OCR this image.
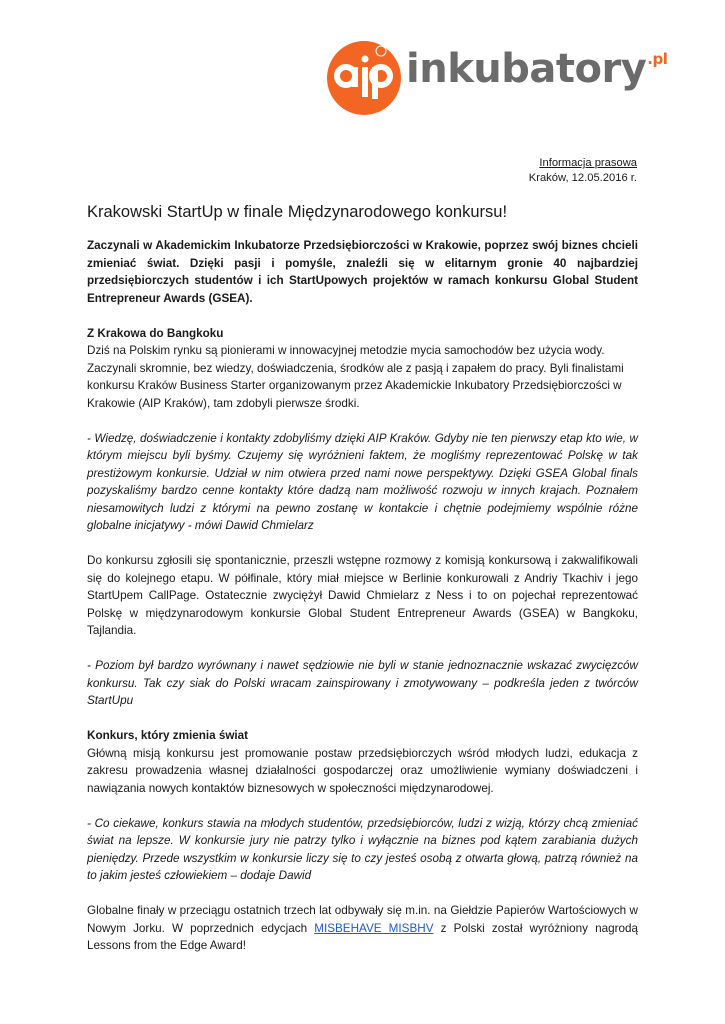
inkubatory$^{.pl}$
Informacja prasowa
Kraków, 12.05.2016 r.
Krakowski StartUp w finale Międzynarodowego konkursu!

Zaczynali w Akademickim Inkubatorze Przedsiębiorczości w Krakowie, poprzez swój biznes chcieli zmieniać świat. Dzięki pasji i pomyśle, znaleźli się w elitarnym gronie 40 najbardziej przedsiębiorczych studentów i ich StartUpowych projektów w ramach konkursu Global Student Entrepreneur Awards (GSEA).

Z Krakowa do Bangkoku
Dziś na Polskim rynku są pionierami w innowacyjnej metodzie mycia samochodów bez użycia wody.
Zaczynali skromnie, bez wiedzy, doświadczenia, środków ale z pasją i zapałem do pracy. Byli finalistami
konkursu Kraków Business Starter organizowanym przez Akademickie Inkubatory Przedsiębiorczości w
Krakowie (AIP Kraków), tam zdobyli pierwsze środki.

- Wiedzę, doświadczenie i kontakty zdobyliśmy dzięki AIP Kraków. Gdyby nie ten pierwszy etap kto wie, w którym miejscu byli byśmy. Czujemy się wyróżnieni faktem, że mogliśmy reprezentować Polskę w tak prestiżowym konkursie. Udział w nim otwiera przed nami nowe perspektywy. Dzięki GSEA Global finals pozyskaliśmy bardzo cenne kontakty które dadzą nam możliwość rozwoju w innych krajach. Poznałem niesamowitych ludzi z którymi na pewno zostanę w kontakcie i chętnie podejmiemy wspólnie różne globalne inicjatywy - mówi Dawid Chmielarz

Do konkursu zgłosili się spontanicznie, przeszli wstępne rozmowy z komisją konkursową i zakwalifikowali się do kolejnego etapu. W półfinale, który miał miejsce w Berlinie konkurowali z Andriy Tkachiv i jego StartUpem CallPage. Ostatecznie zwyciężył Dawid Chmielarz z Ness i to on pojechał reprezentować Polskę w międzynarodowym konkursie Global Student Entrepreneur Awards (GSEA) w Bangkoku, Tajlandia.

- Poziom był bardzo wyrównany i nawet sędziowie nie byli w stanie jednoznacznie wskazać zwycięzców konkursu. Tak czy siak do Polski wracam zainspirowany i zmotywowany – podkreśla jeden z twórców StartUpu

Konkurs, który zmienia świat
Główną misją konkursu jest promowanie postaw przedsiębiorczych wśród młodych ludzi, edukacja z zakresu prowadzenia własnej działalności gospodarczej oraz umożliwienie wymiany doświadczeni i nawiązania nowych kontaktów biznesowych w społeczności międzynarodowej.

- Co ciekawe, konkurs stawia na młodych studentów, przedsiębiorców, ludzi z wizją, którzy chcą zmieniać świat na lepsze. W konkursie jury nie patrzy tylko i wyłącznie na biznes pod kątem zarabiania dużych pieniędzy. Przede wszystkim w konkursie liczy się to czy jesteś osobą z otwarta głową, patrzą również na to jakim jesteś człowiekiem – dodaje Dawid

Globalne finały w przeciągu ostatnich trzech lat odbywały się m.in. na Giełdzie Papierów Wartościowych w Nowym Jorku. W poprzednich edycjach MISBEHAVE MISBHV z Polski został wyróżniony nagrodą Lessons from the Edge Award!
